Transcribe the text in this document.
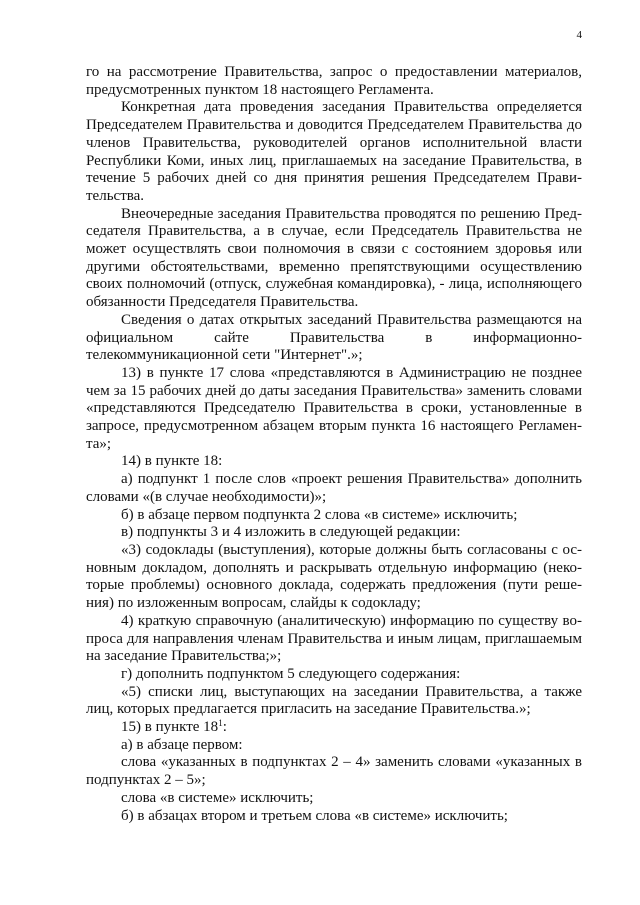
4

го на рассмотрение Правительства, запрос о предоставлении материалов, предусмотренных пунктом 18 настоящего Регламента.

Конкретная дата проведения заседания Правительства определяется Председателем Правительства и доводится Председателем Правительства до членов Правительства, руководителей органов исполнительной власти Республики Коми, иных лиц, приглашаемых на заседание Правительства, в течение 5 рабочих дней со дня принятия решения Председателем Правительства.

Внеочередные заседания Правительства проводятся по решению Председателя Правительства, а в случае, если Председатель Правительства не может осуществлять свои полномочия в связи с состоянием здоровья или другими обстоятельствами, временно препятствующими осуществлению своих полномочий (отпуск, служебная командировка), - лица, исполняющего обязанности Председателя Правительства.

Сведения о датах открытых заседаний Правительства размещаются на официальном сайте Правительства в информационно-

телекоммуникационной сети "Интернет".»;

13) в пункте 17 слова «представляются в Администрацию не позднее чем за 15 рабочих дней до даты заседания Правительства» заменить словами «представляются Председателю Правительства в сроки, установленные в запросе, предусмотренном абзацем вторым пункта 16 настоящего Регламента»;

14) в пункте 18:

а) подпункт 1 после слов «проект решения Правительства» дополнить словами «(в случае необходимости)»;

б) в абзаце первом подпункта 2 слова «в системе» исключить;

в) подпункты 3 и 4 изложить в следующей редакции:

«3) содоклады (выступления), которые должны быть согласованы с основным докладом, дополнять и раскрывать отдельную информацию (некоторые проблемы) основного доклада, содержать предложения (пути решения) по изложенным вопросам, слайды к содокладу;

4) краткую справочную (аналитическую) информацию по существу вопроса для направления членам Правительства и иным лицам, приглашаемым на заседание Правительства;»;

г) дополнить подпунктом 5 следующего содержания:

«5) списки лиц, выступающих на заседании Правительства, а также лиц, которых предлагается пригласить на заседание Правительства.»;

15) в пункте $18^1$:

а) в абзаце первом:

слова «указанных в подпунктах 2 – 4» заменить словами «указанных в подпунктах 2 – 5»;

слова «в системе» исключить;

б) в абзацах втором и третьем слова «в системе» исключить;
